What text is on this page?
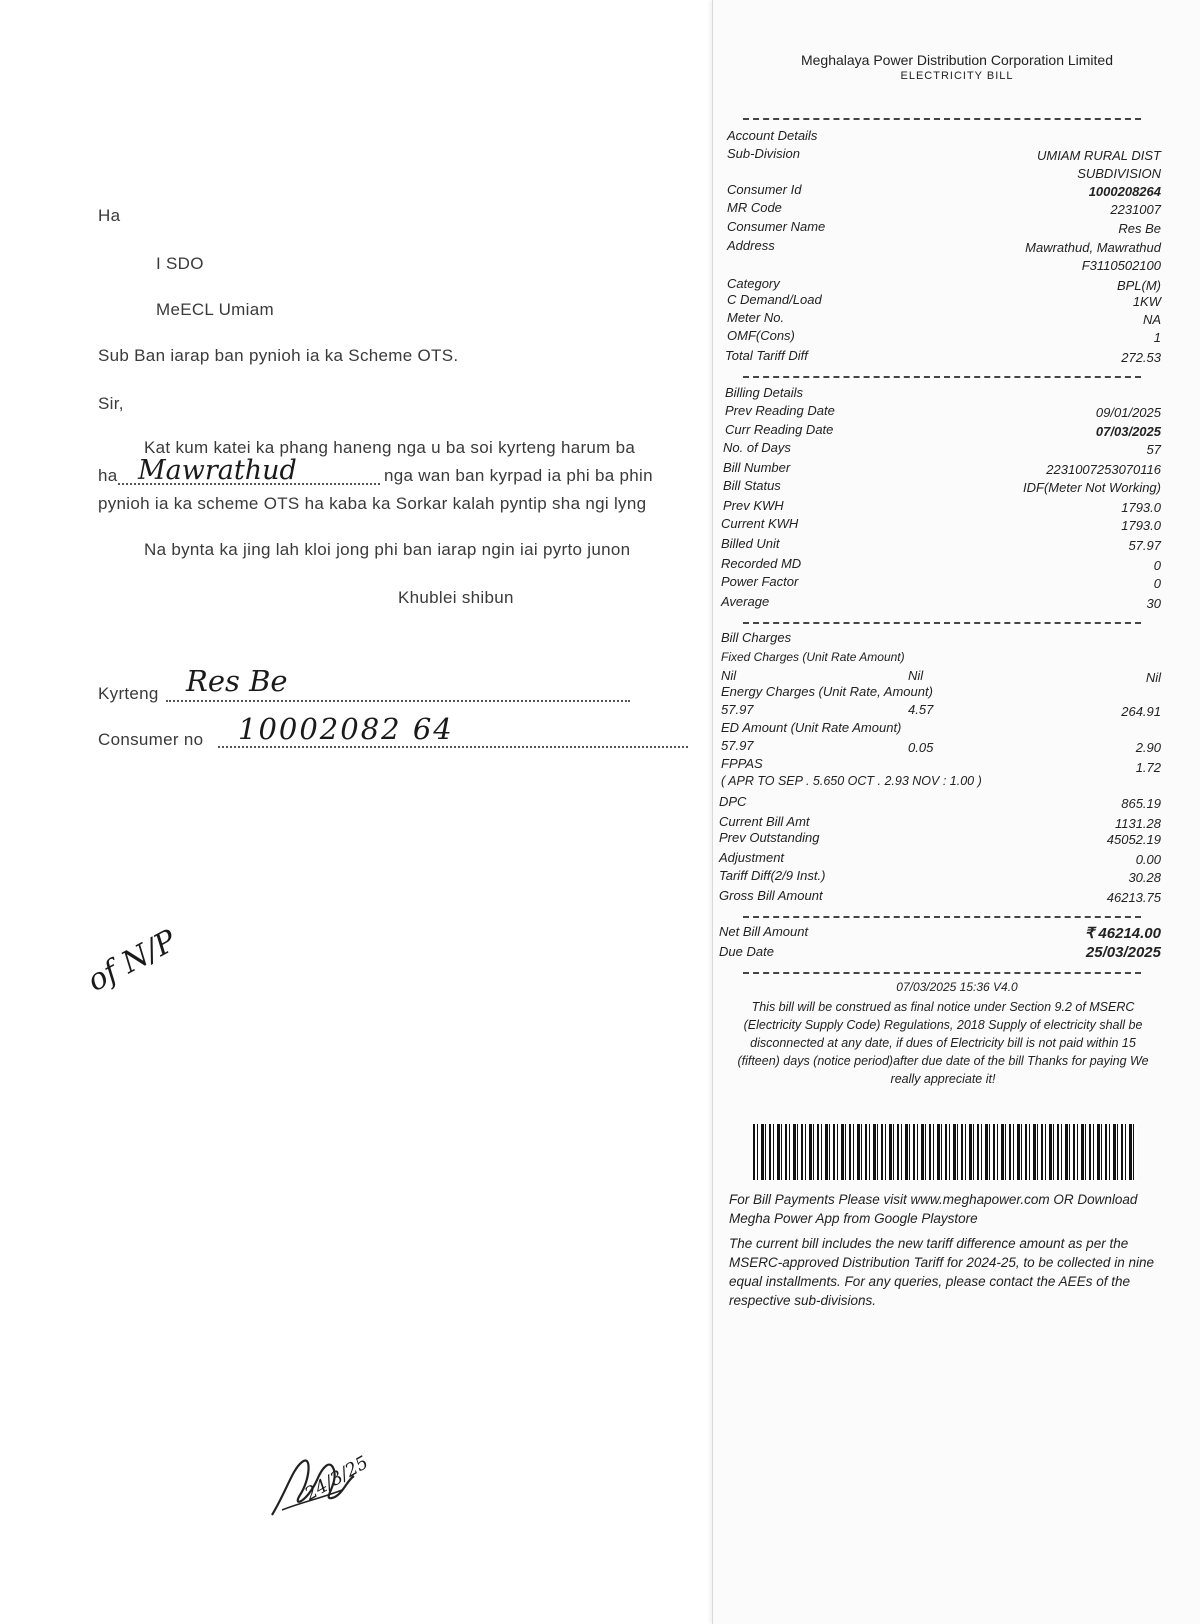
Ha
I SDO
MeECL Umiam
Sub Ban iarap ban pynioh ia ka Scheme OTS.
Sir,
Kat kum katei ka phang haneng nga u ba soi kyrteng harum ba
ha Mawrathud	nga wan ban kyrpad ia phi ba phin
pynioh ia ka scheme OTS ha kaba ka Sorkar kalah pyntip sha ngi lyng
Na bynta ka jing lah kloi jong phi ban iarap ngin iai pyrto junon
Khublei shibun
Kyrteng Res Be
Consumer no 10002082 64
of N/P
24/3/25
Meghalaya Power Distribution Corporation Limited
ELECTRICITY BILL
Account Details
Sub-Division	UMIAM RURAL DIST
SUBDIVISION
Consumer Id	1000208264
MR Code	2231007
Consumer Name	Res Be
Address	Mawrathud, Mawrathud
F3110502100
Category	BPL(M)
C Demand/Load	1KW
Meter No.	NA
OMF(Cons)	1
Total Tariff Diff	272.53
Billing Details
Prev Reading Date	09/01/2025
Curr Reading Date	07/03/2025
No. of Days	57
Bill Number	2231007253070116
Bill Status	IDF(Meter Not Working)
Prev KWH	1793.0
Current KWH	1793.0
Billed Unit	57.97
Recorded MD	0
Power Factor	0
Average	30
Bill Charges
Fixed Charges (Unit Rate Amount)
Nil	Nil	Nil
Energy Charges (Unit Rate, Amount)
57.97	4.57	264.91
ED Amount (Unit Rate Amount)
57.97	0.05	2.90
FPPAS	1.72
( APR TO SEP . 5.650 OCT . 2.93 NOV : 1.00 )
DPC	865.19
Current Bill Amt	1131.28
Prev Outstanding	45052.19
Adjustment	0.00
Tariff Diff(2/9 Inst.)	30.28
Gross Bill Amount	46213.75
Net Bill Amount	₹ 46214.00
Due Date	25/03/2025
07/03/2025 15:36 V4.0
This bill will be construed as final notice under Section 9.2 of MSERC (Electricity Supply Code) Regulations, 2018 Supply of electricity shall be disconnected at any date, if dues of Electricity bill is not paid within 15 (fifteen) days (notice period)after due date of the bill Thanks for paying We really appreciate it!
For Bill Payments Please visit www.meghapower.com OR Download Megha Power App from Google Playstore
The current bill includes the new tariff difference amount as per the MSERC-approved Distribution Tariff for 2024-25, to be collected in nine equal installments. For any queries, please contact the AEEs of the respective sub-divisions.
